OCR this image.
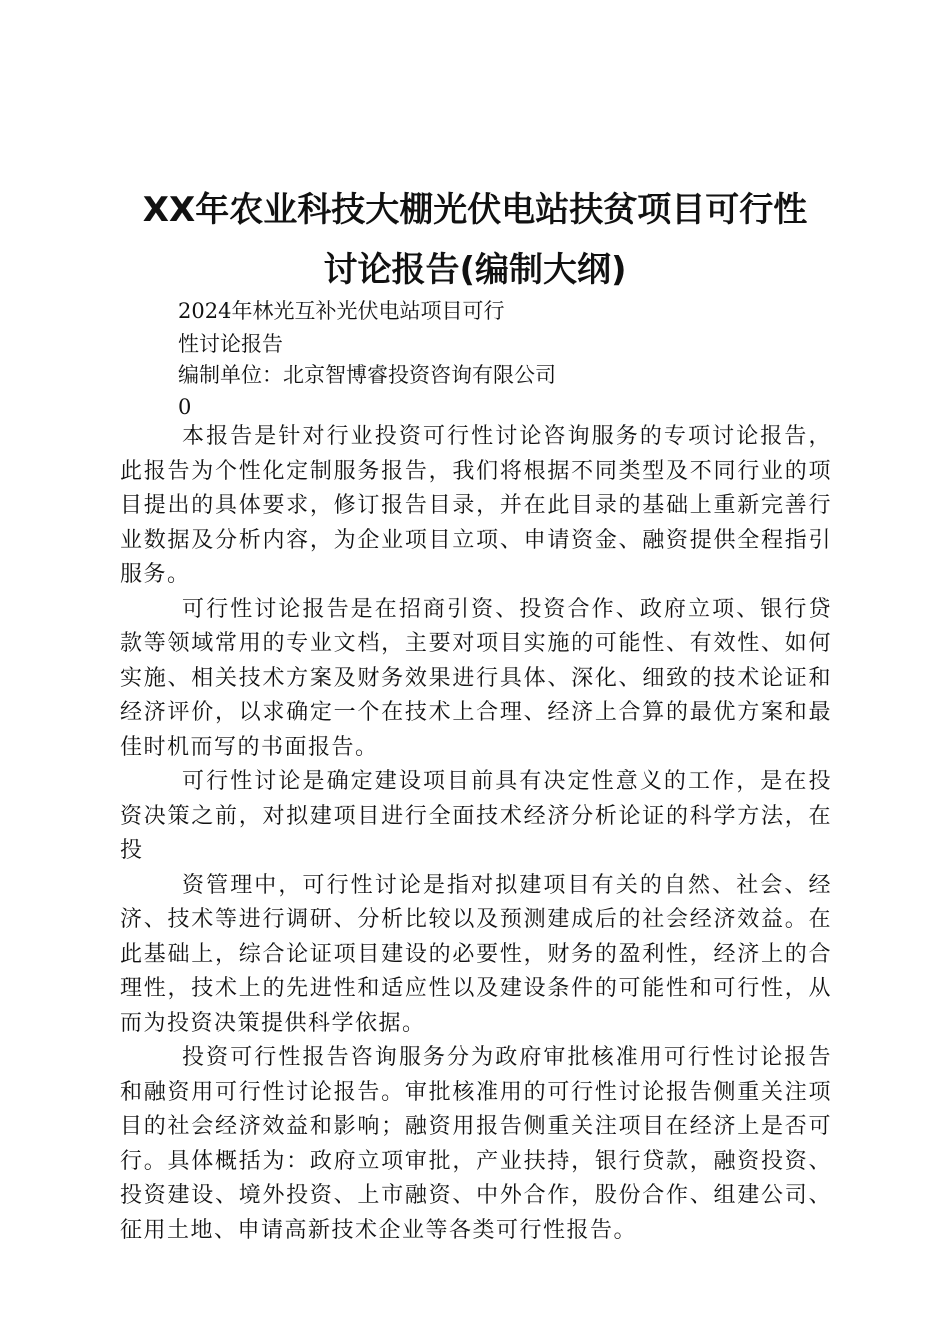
XX年农业科技大棚光伏电站扶贫项目可行性
讨论报告(编制大纲)
2024年林光互补光伏电站项目可行
性讨论报告
编制单位：北京智博睿投资咨询有限公司
0

本报告是针对行业投资可行性讨论咨询服务的专项讨论报告，此报告为个性化定制服务报告，我们将根据不同类型及不同行业的项目提出的具体要求，修订报告目录，并在此目录的基础上重新完善行业数据及分析内容，为企业项目立项、申请资金、融资提供全程指引服务。

可行性讨论报告是在招商引资、投资合作、政府立项、银行贷款等领域常用的专业文档，主要对项目实施的可能性、有效性、如何实施、相关技术方案及财务效果进行具体、深化、细致的技术论证和经济评价，以求确定一个在技术上合理、经济上合算的最优方案和最佳时机而写的书面报告。

可行性讨论是确定建设项目前具有决定性意义的工作，是在投资决策之前，对拟建项目进行全面技术经济分析论证的科学方法，在投

资管理中，可行性讨论是指对拟建项目有关的自然、社会、经济、技术等进行调研、分析比较以及预测建成后的社会经济效益。在此基础上，综合论证项目建设的必要性，财务的盈利性，经济上的合理性，技术上的先进性和适应性以及建设条件的可能性和可行性，从而为投资决策提供科学依据。

投资可行性报告咨询服务分为政府审批核准用可行性讨论报告和融资用可行性讨论报告。审批核准用的可行性讨论报告侧重关注项目的社会经济效益和影响；融资用报告侧重关注项目在经济上是否可行。具体概括为：政府立项审批，产业扶持，银行贷款，融资投资、投资建设、境外投资、上市融资、中外合作，股份合作、组建公司、征用土地、申请高新技术企业等各类可行性报告。
